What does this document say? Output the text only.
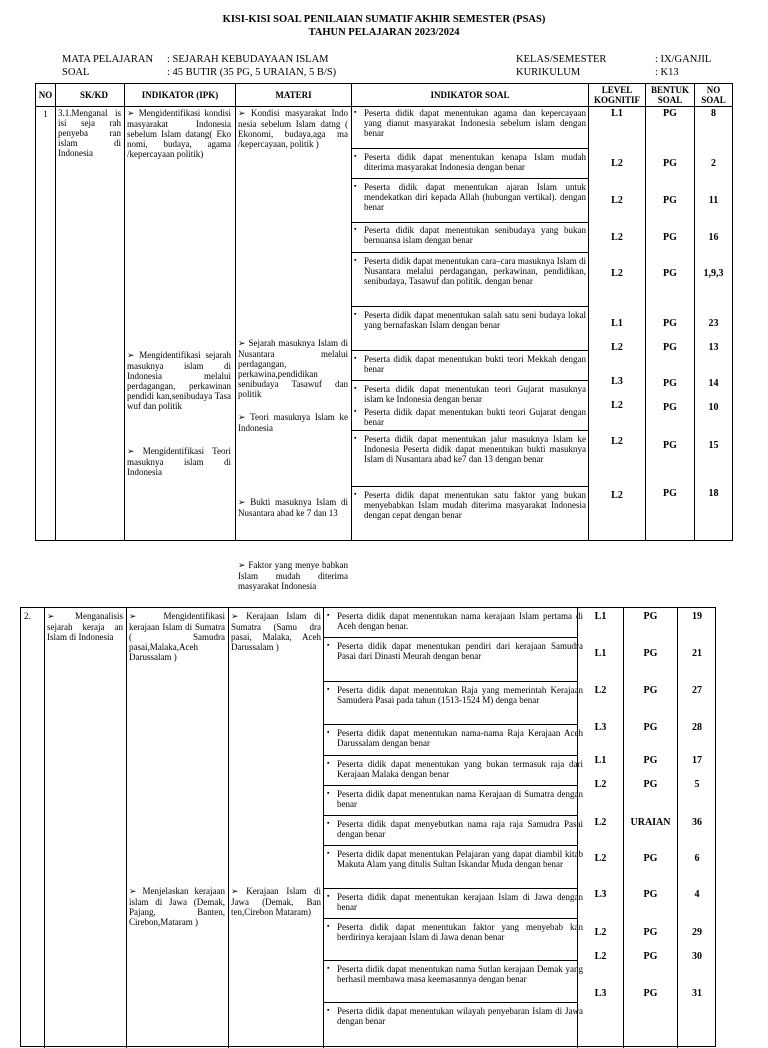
KISI-KISI SOAL PENILAIAN SUMATIF AKHIR SEMESTER (PSAS)
TAHUN PELAJARAN 2023/2024
MATA PELAJARAN : SEJARAH KEBUDAYAAN ISLAM
SOAL	: 45 BUTIR (35 PG, 5 URAIAN, 5 B/S)
KELAS/SEMESTER	: IX/GANJIL
KURIKULUM	: K13
NO	SK/KD	INDIKATOR (IPK)	MATERI	INDIKATOR SOAL	LEVEL
KOGNITIF
BENTUK
SOAL
NO
SOAL
1	3.1.Menganal is isi seja rah penyeba ran islam di Indonesia
➢ Mengidentifikasi kondisi masyarakat Indonesia sebelum Islam datang( Eko nomi, budaya, agama /kepercayaan politik)
➢ Mengidentifikasi sejarah masuknya islam di Indonesia melalui perdagangan, perkawinan pendidi kan,senibudaya Tasa wuf dan politik
➢ Mengidentifikasi Teori masuknya islam di Indonesia
➢ Kondisi masyarakat Indo nesia sebelum Islam datng ( Ekonomi, budaya,aga ma /kepercayaan, politik )
➢ Sejarah masuknya Islam di Nusantara melalui perdagangan, perkawina,pendidikan senibudaya Tasawuf dan politik
➢ Teori masuknya Islam ke Indonesia
➢ Bukti masuknya Islam di Nusantara abad ke 7 dan 13
➢ Faktor yang menye babkan Islam mudah diterima masyarakat Indonesia
▪ Peserta didik dapat menentukan agama dan kepercayaan yang dianut masyarakat Indonesia sebelum islam dengan benar
▪ Peserta didik dapat menentukan kenapa Islam mudah diterima masyarakat Indonesia dengan benar
▪ Peserta didik dapat menentukan ajaran Islam untuk mendekatkan diri kepada Allah (hubungan vertikal). dengan benar
▪ Peserta didik dapat menentukan senibudaya yang bukan bernuansa islam dengan benar
▪ Peserta didik dapat menentukan cara–cara masuknya Islam di Nusantara melalui perdagangan, perkawinan, pendidikan, senibudaya, Tasawuf dan politik. dengan benar
▪ Peserta didik dapat menentukan salah satu seni budaya lokal yang bernafaskan Islam dengan benar
▪ Peserta didik dapat menentukan bukti teori Mekkah dengan benar
▪ Peserta didik dapat menentukan teori Gujarat masuknya islam ke Indonesia dengan benar
▪ Peserta didik dapat menentukan bukti teori Gujarat dengan benar
▪ Peserta didik dapat menentukan jalur masuknya Islam ke Indonesia Peserta didik dapat menentukan bukti masuknya Islam di Nusantara abad ke7 dan 13 dengan benar
▪ Peserta didik dapat menentukan satu faktor yang bukan menyebabkan Islam mudah diterima masyarakat Indonesia dengan cepat dengan benar
L1	PG	8
L2	PG	2
L2	PG	11
L2	PG	16
L2	PG	1,9,3
L1	PG	23
L2	PG	13
L3	PG	14
L2	PG	10
L2	PG	15
L2	PG	18
2.
➢	Menganalisis sejarah keraja an Islam di Indonesia
➢ Mengidentifikasi kerajaan Islam di Sumatra ( Samudra pasai,Malaka,Aceh Darussalam )
➢ Menjelaskan kerajaan islam di Jawa (Demak, Pajang, Banten, Cirebon,Mataram )
➢ Kerajaan Islam di Sumatra (Samu dra pasai, Malaka, Aceh Darussalam )
➢ Kerajaan Islam di Jawa (Demak, Ban ten,Cirebon Mataram)
▪ Peserta didik dapat menentukan nama kerajaan Islam pertama di Aceh dengan benar.
▪ Peserta didik dapat menentukan pendiri dari kerajaan Samudra Pasai dari Dinasti Meurah dengan benar
▪ Peserta didik dapat menentukan Raja yang memerintah Kerajaan Samudera Pasai pada tahun (1513-1524 M) denga benar
▪ Peserta didik dapat menentukan nama-nama Raja Kerajaan Aceh Darussalam dengan benar
▪ Peserta didik dapat menentukan yang bukan termasuk raja dari Kerajaan Malaka dengan benar
▪ Peserta didik dapat menentukan nama Kerajaan di Sumatra dengan benar
▪ Peserta didik dapat menyebutkan nama raja raja Samudra Pasai dengan benar
▪ Peserta didik dapat menentukan Pelajaran yang dapat diambil kitab Makuta Alam yang ditulis Sultan Iskandar Muda dengan benar
▪ Peserta didik dapat menentukan kerajaan Islam di Jawa dengan benar
▪ Peserta didik dapat menentukan faktor yang menyebab kan berdirinya kerajaan Islam di Jawa denan benar
▪ Peserta didik dapat menentukan nama Sutlan kerajaan Demak yang berhasil membawa masa keemasannya dengan benar
▪ Peserta didik dapat menentukan wilayah penyebaran Islam di Jawa dengan benar
L1	PG	19
L1	PG	21
L2	PG	27
L3	PG	28
L1	PG	17
L2	PG	5
L2	URAIAN	36
L2	PG	6
L3	PG	4
L2	PG	29
L2	PG	30
L3	PG	31
